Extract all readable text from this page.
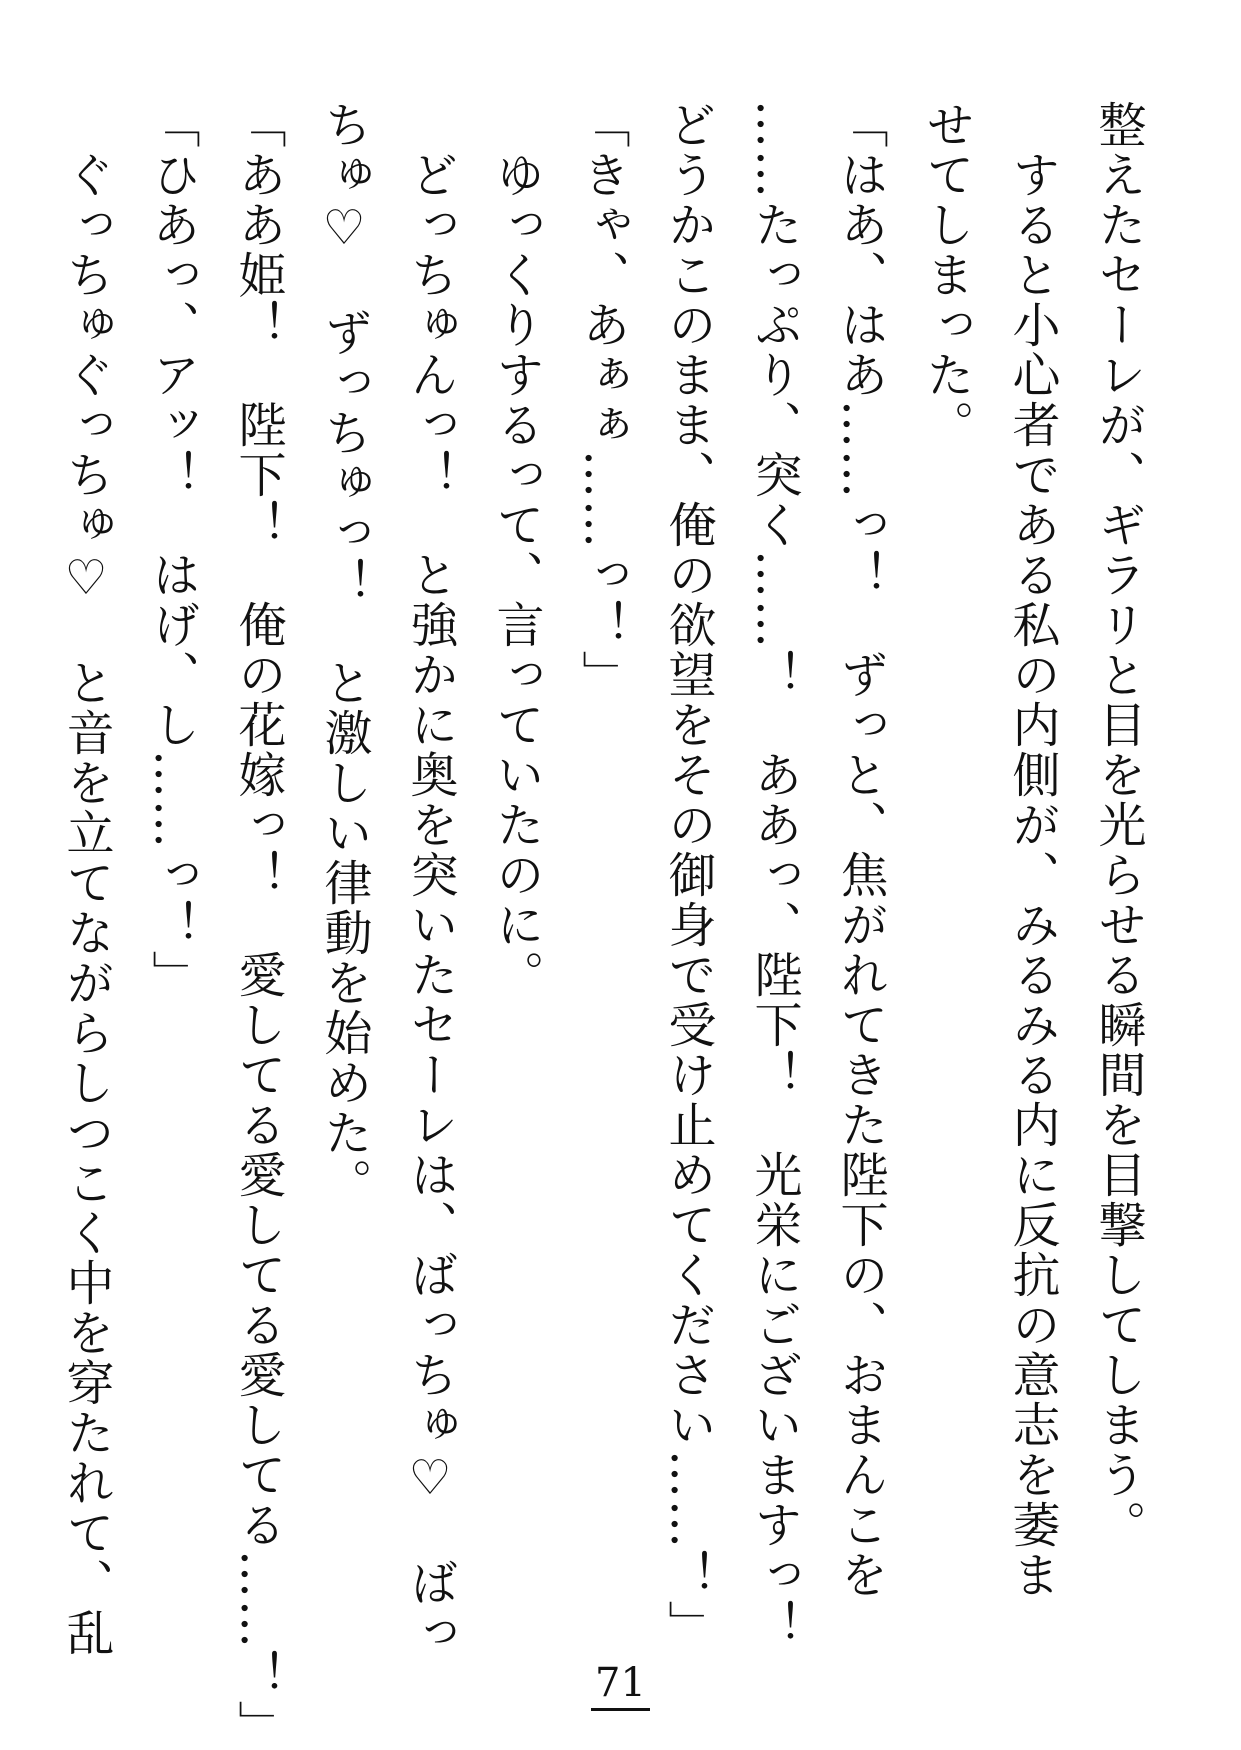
整えたセーレが、ギラリと目を光らせる瞬間を目撃してしまう。
　すると小心者である私の内側が、みるみる内に反抗の意志を萎ま
せてしまった。
「はあ、はあ……っ！　ずっと、焦がれてきた陛下の、おまんこを
……たっぷり、突く……！　ああっ、陛下！　光栄にございますっ！
どうかこのまま、俺の欲望をその御身で受け止めてください……！」
「きゃ、あぁぁ……っ！」
　ゆっくりするって、言っていたのに。
　どっちゅんっ！　と強かに奥を突いたセーレは、ばっちゅ♡　ばっ
ちゅ♡　ずっちゅっ！　と激しい律動を始めた。
「ああ姫！　陛下！　俺の花嫁っ！　愛してる愛してる愛してる……！」
「ひあっ、アッ！　はげ、し……っ！」
　ぐっちゅぐっちゅ♡　と音を立てながらしつこく中を穿たれて、乱
71
